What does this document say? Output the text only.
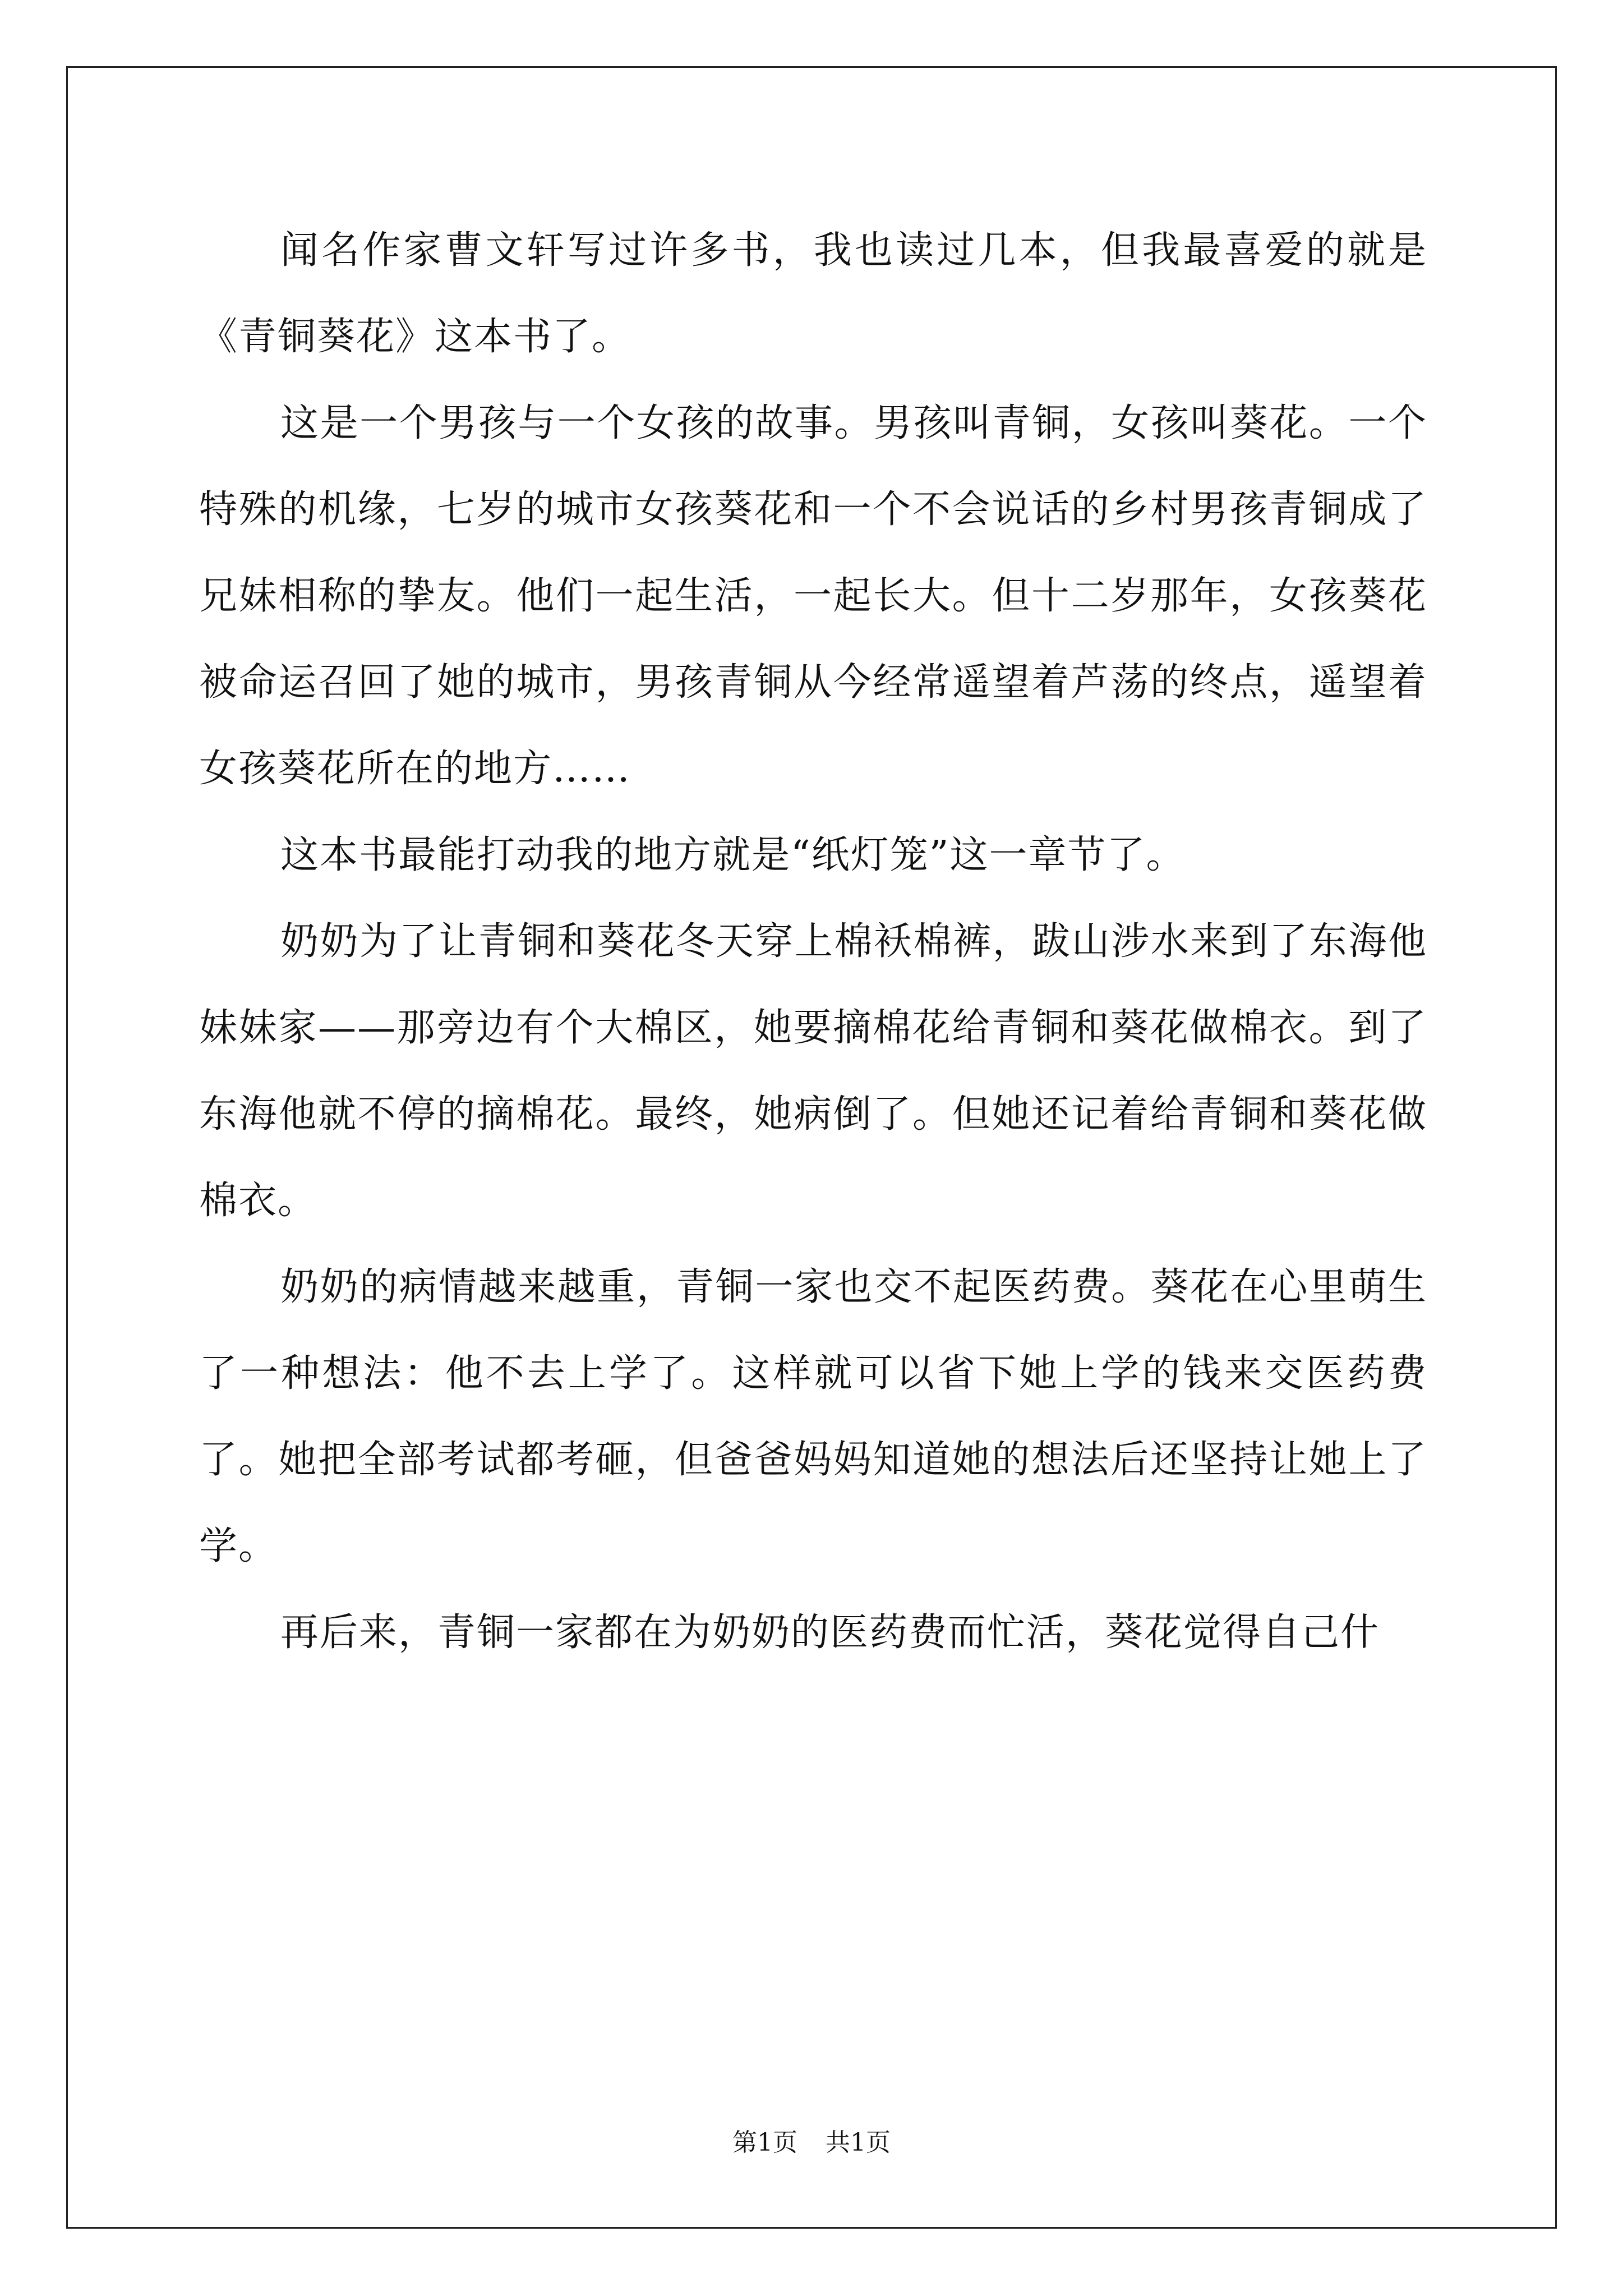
闻名作家曹文轩写过许多书，我也读过几本，但我最喜爱的就是《青铜葵花》这本书了。

这是一个男孩与一个女孩的故事。男孩叫青铜，女孩叫葵花。一个特殊的机缘，七岁的城市女孩葵花和一个不会说话的乡村男孩青铜成了兄妹相称的挚友。他们一起生活，一起长大。但十二岁那年，女孩葵花被命运召回了她的城市，男孩青铜从今经常遥望着芦荡的终点，遥望着女孩葵花所在的地方……

这本书最能打动我的地方就是“纸灯笼”这一章节了。

奶奶为了让青铜和葵花冬天穿上棉袄棉裤，跋山涉水来到了东海他妹妹家——那旁边有个大棉区，她要摘棉花给青铜和葵花做棉衣。到了东海他就不停的摘棉花。最终，她病倒了。但她还记着给青铜和葵花做棉衣。

奶奶的病情越来越重，青铜一家也交不起医药费。葵花在心里萌生了一种想法：他不去上学了。这样就可以省下她上学的钱来交医药费了。她把全部考试都考砸，但爸爸妈妈知道她的想法后还坚持让她上了学。

再后来，青铜一家都在为奶奶的医药费而忙活，葵花觉得自己什

第1页 共1页
